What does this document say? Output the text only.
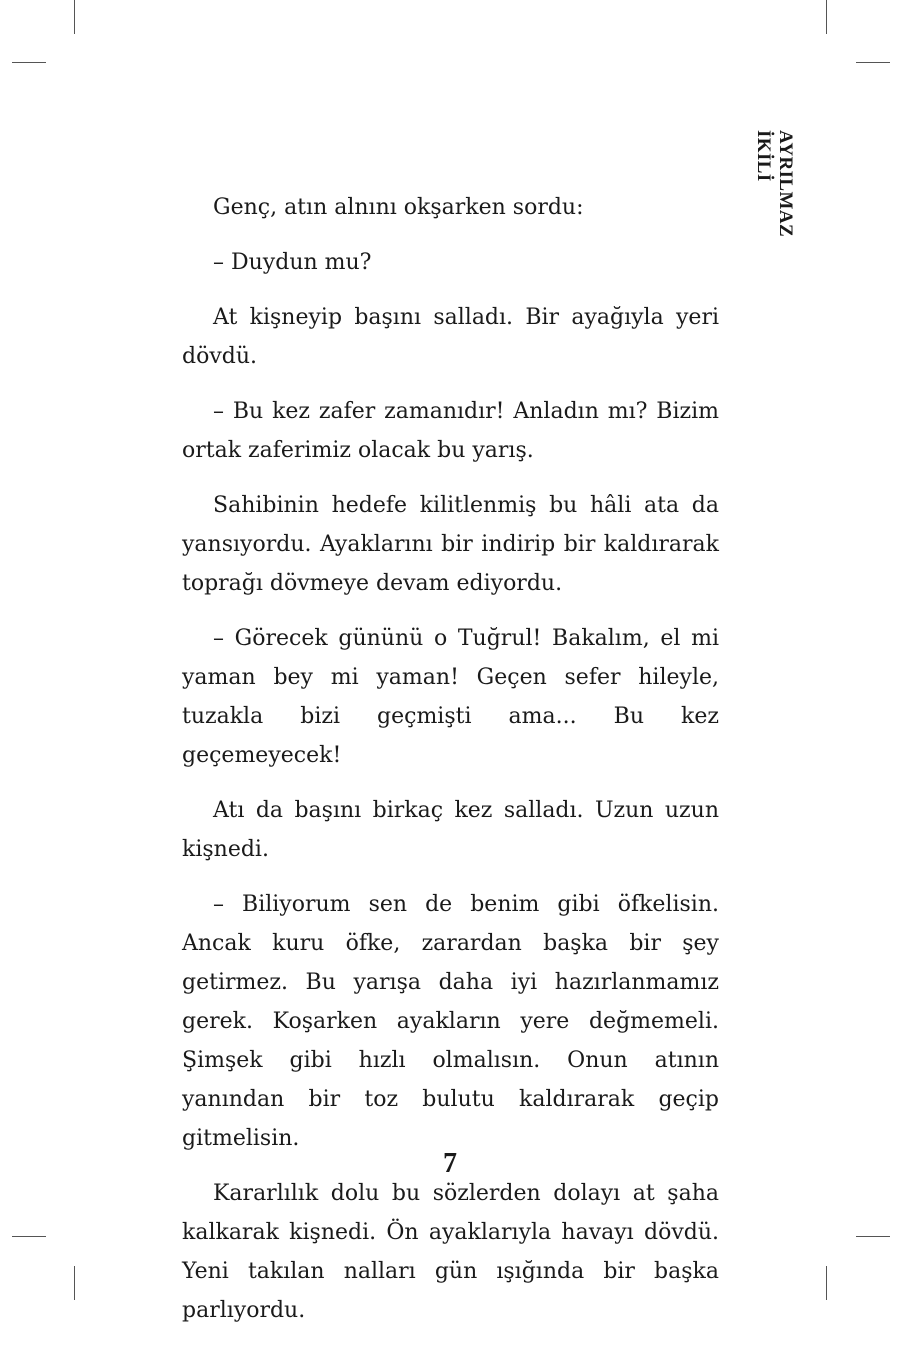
AYRILMAZ İKİLİ

Genç, atın alnını okşarken sordu:

– Duydun mu?

At kişneyip başını salladı. Bir ayağıyla yeri dövdü.

– Bu kez zafer zamanıdır! Anladın mı? Bizim ortak zaferimiz olacak bu yarış.

Sahibinin hedefe kilitlenmiş bu hâli ata da yansıyordu. Ayaklarını bir indirip bir kaldırarak toprağı dövmeye devam ediyordu.

– Görecek gününü o Tuğrul! Bakalım, el mi yaman bey mi yaman! Geçen sefer hileyle, tuzakla bizi geçmişti ama... Bu kez geçemeyecek!

Atı da başını birkaç kez salladı. Uzun uzun kişnedi.

– Biliyorum sen de benim gibi öfkelisin. Ancak kuru öfke, zarardan başka bir şey getirmez. Bu yarışa daha iyi hazırlanmamız gerek. Koşarken ayakların yere değmemeli. Şimşek gibi hızlı olmalısın. Onun atının yanından bir toz bulutu kaldırarak geçip gitmelisin.

Kararlılık dolu bu sözlerden dolayı at şaha kalkarak kişnedi. Ön ayaklarıyla havayı dövdü. Yeni takılan nalları gün ışığında bir başka parlıyordu.

7
